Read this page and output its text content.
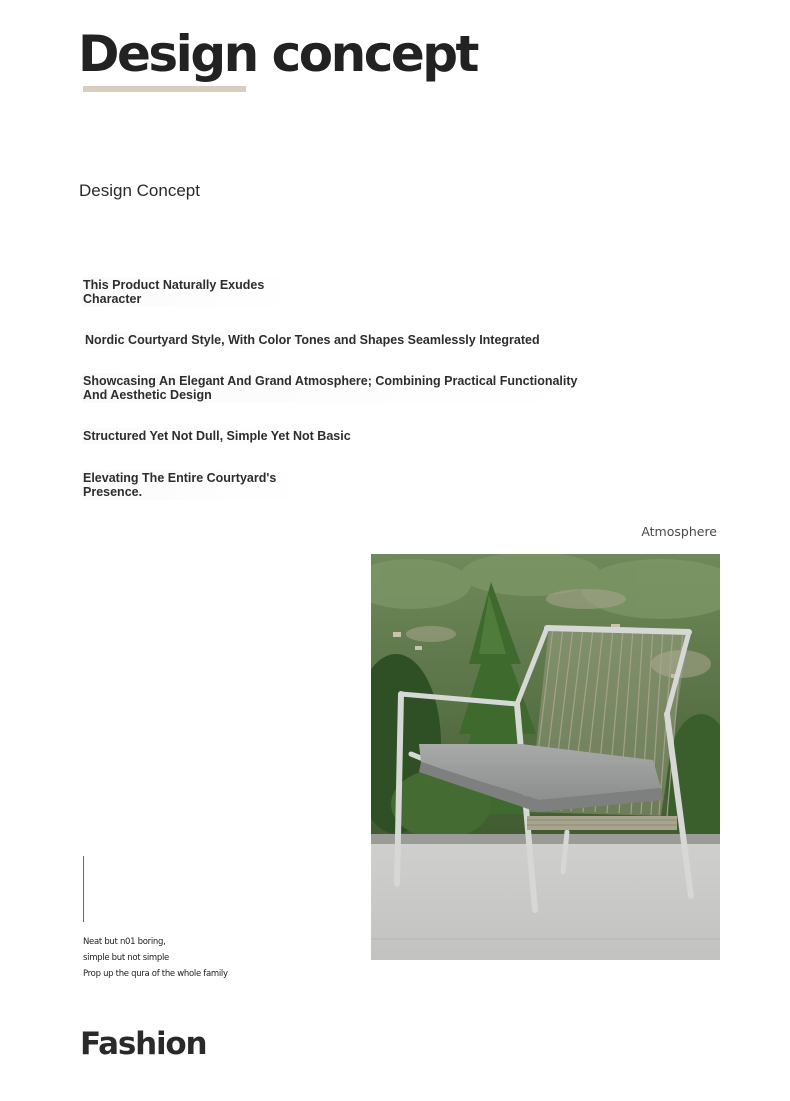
Design concept
Design Concept

This Product Naturally Exudes
Character

Nordic Courtyard Style, With Color Tones and Shapes Seamlessly Integrated

Showcasing An Elegant And Grand Atmosphere; Combining Practical Functionality
And Aesthetic Design

Structured Yet Not Dull, Simple Yet Not Basic

Elevating The Entire Courtyard's
Presence.

Atmosphere
Neat but n01 boring,
simple but not simple
Prop up the qura of the whole family
Fashion
